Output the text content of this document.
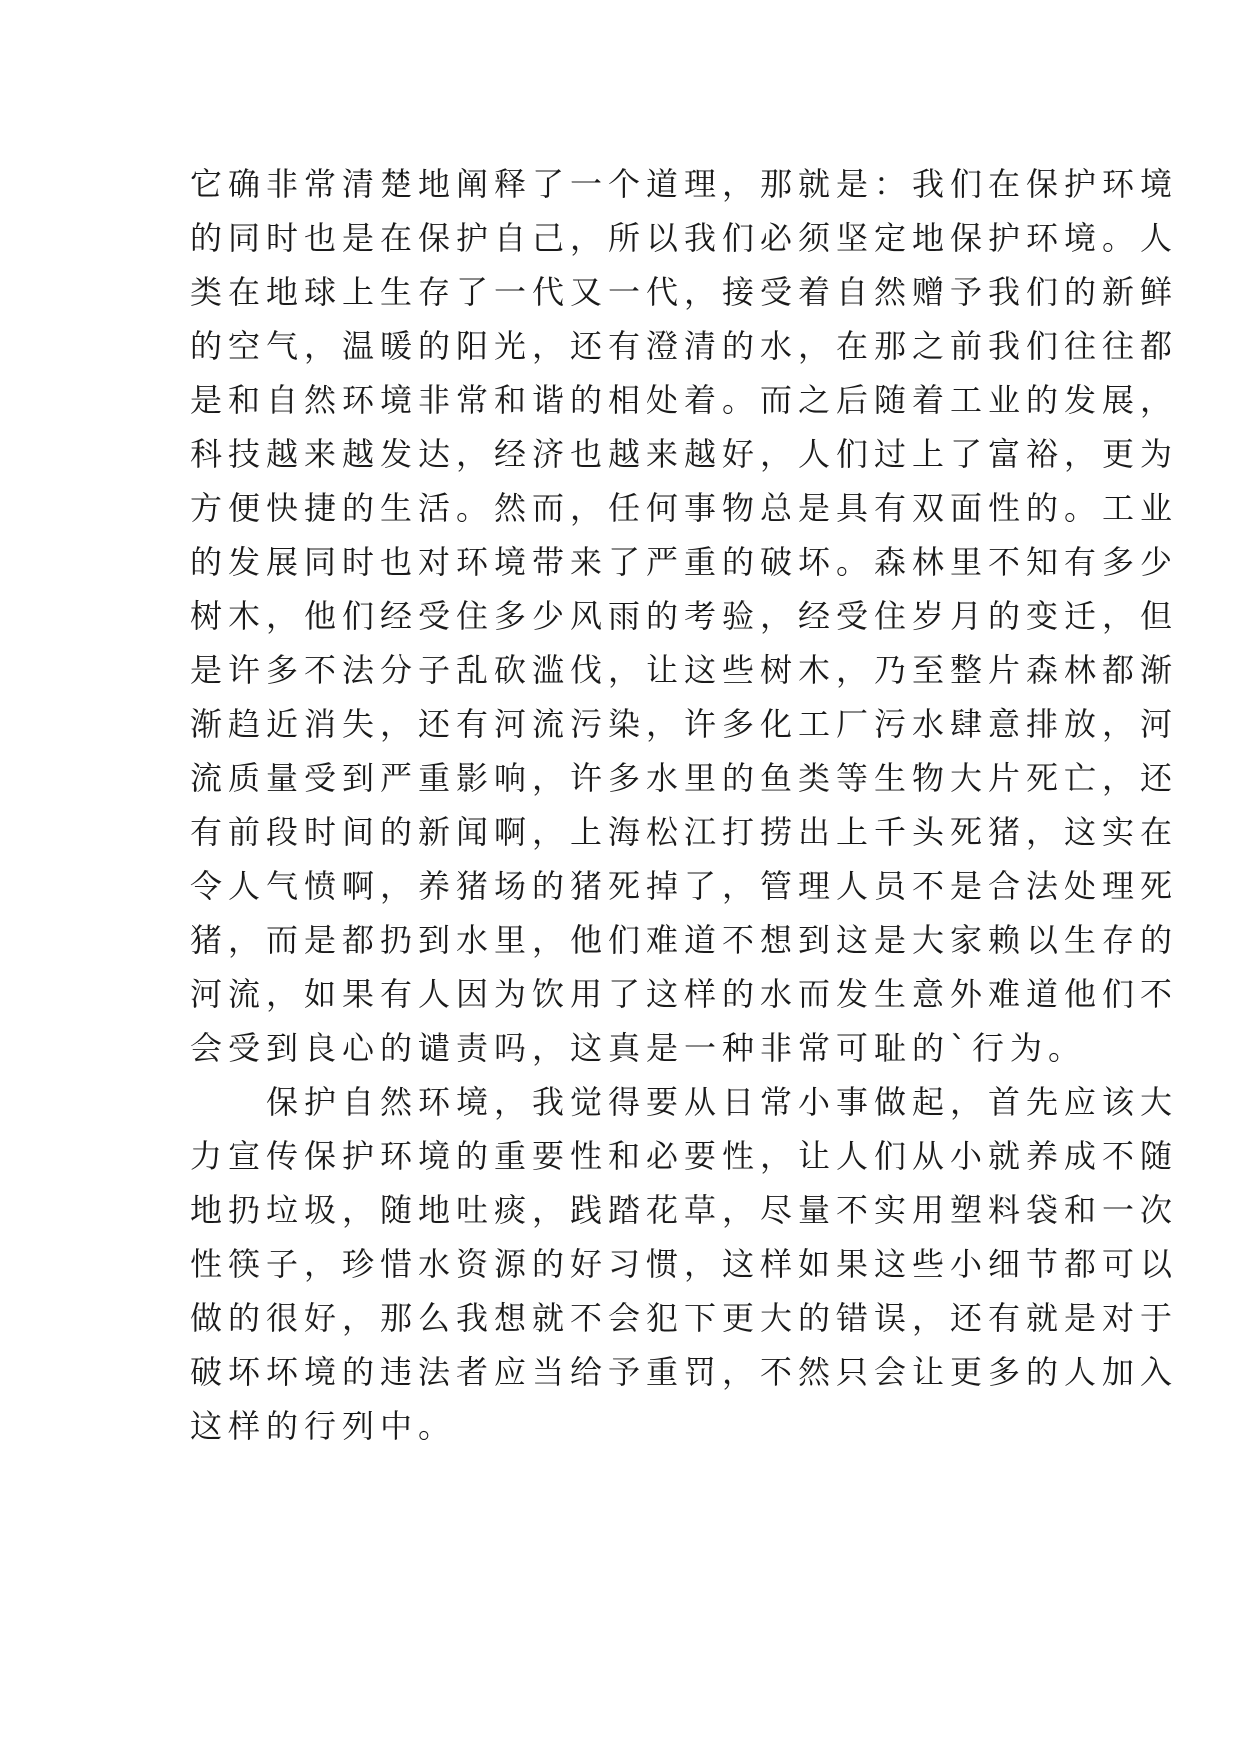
它确非常清楚地阐释了一个道理，那就是：我们在保护环境
的同时也是在保护自己，所以我们必须坚定地保护环境。人
类在地球上生存了一代又一代，接受着自然赠予我们的新鲜
的空气，温暖的阳光，还有澄清的水，在那之前我们往往都
是和自然环境非常和谐的相处着。而之后随着工业的发展，
科技越来越发达，经济也越来越好，人们过上了富裕，更为
方便快捷的生活。然而，任何事物总是具有双面性的。工业
的发展同时也对环境带来了严重的破坏。森林里不知有多少
树木，他们经受住多少风雨的考验，经受住岁月的变迁，但
是许多不法分子乱砍滥伐，让这些树木，乃至整片森林都渐
渐趋近消失，还有河流污染，许多化工厂污水肆意排放，河
流质量受到严重影响，许多水里的鱼类等生物大片死亡，还
有前段时间的新闻啊，上海松江打捞出上千头死猪，这实在
令人气愤啊，养猪场的猪死掉了，管理人员不是合法处理死
猪，而是都扔到水里，他们难道不想到这是大家赖以生存的
河流，如果有人因为饮用了这样的水而发生意外难道他们不
会受到良心的谴责吗，这真是一种非常可耻的`行为。
　　保护自然环境，我觉得要从日常小事做起，首先应该大
力宣传保护环境的重要性和必要性，让人们从小就养成不随
地扔垃圾，随地吐痰，践踏花草，尽量不实用塑料袋和一次
性筷子，珍惜水资源的好习惯，这样如果这些小细节都可以
做的很好，那么我想就不会犯下更大的错误，还有就是对于
破坏坏境的违法者应当给予重罚，不然只会让更多的人加入
这样的行列中。
